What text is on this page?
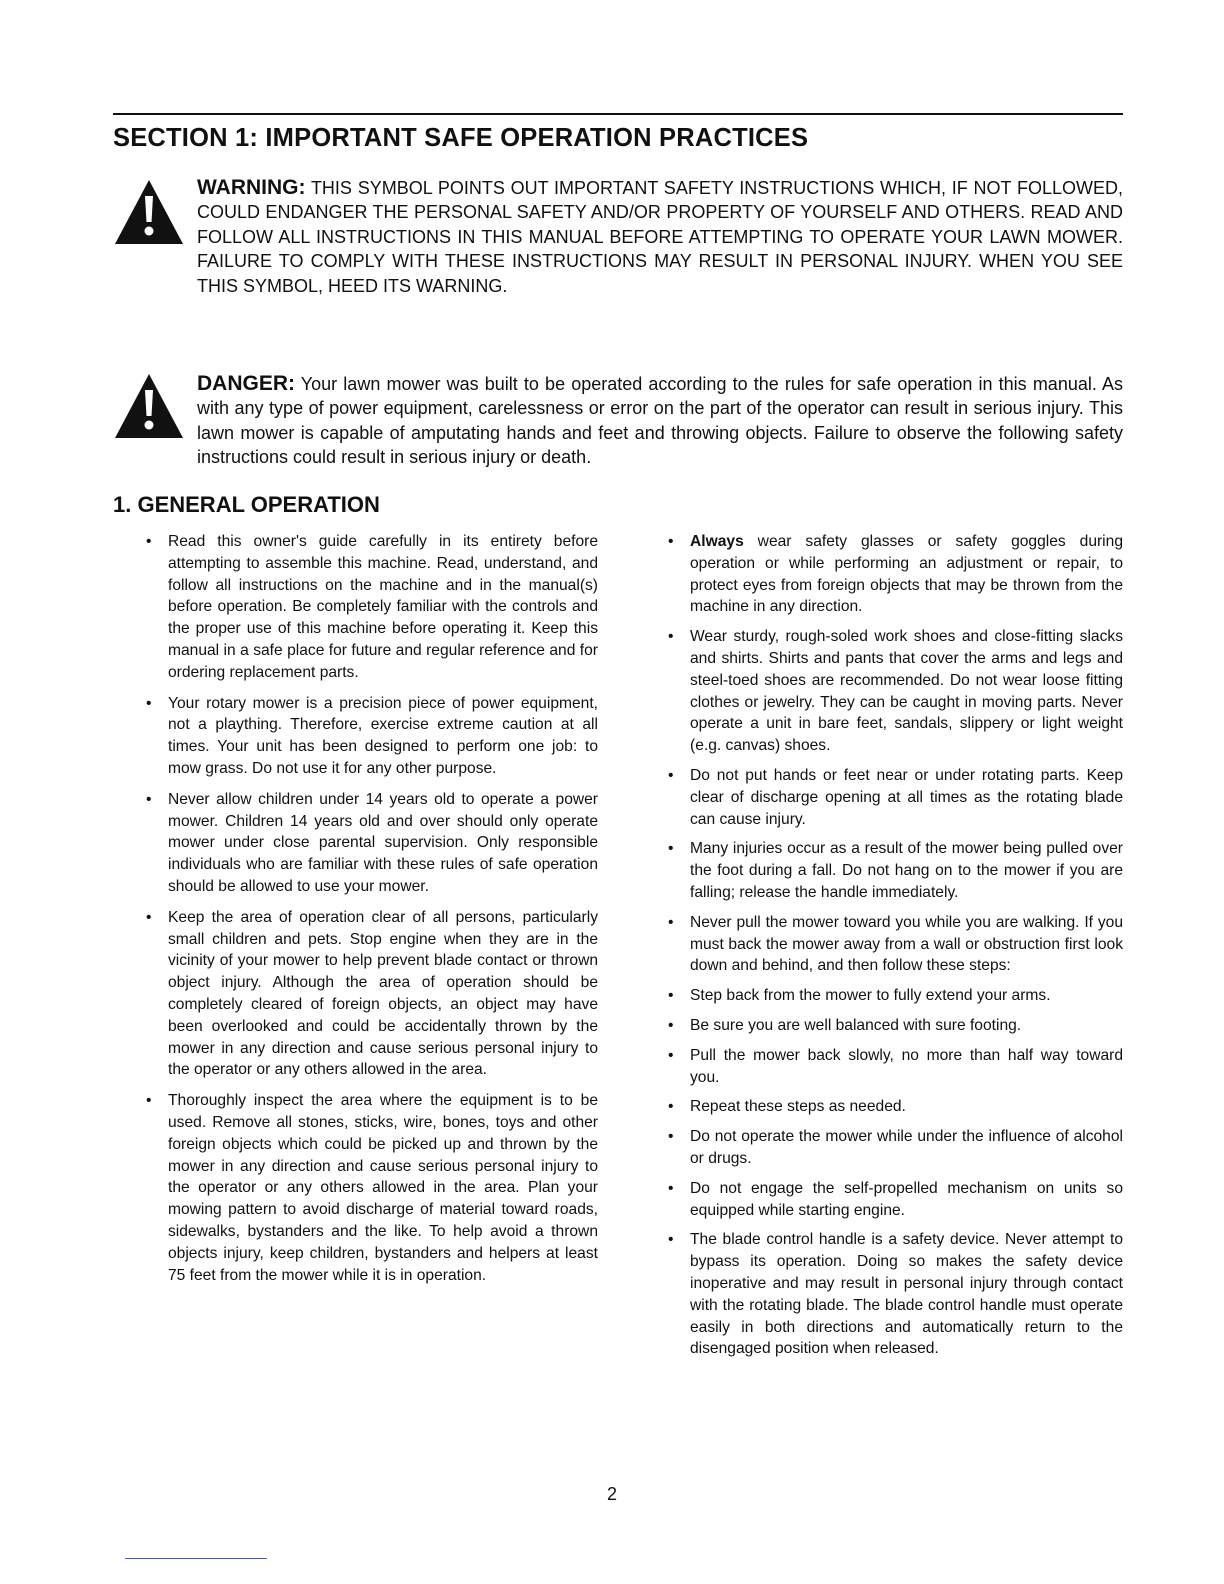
SECTION 1: IMPORTANT SAFE OPERATION PRACTICES
WARNING: THIS SYMBOL POINTS OUT IMPORTANT SAFETY INSTRUCTIONS WHICH, IF NOT FOLLOWED, COULD ENDANGER THE PERSONAL SAFETY AND/OR PROPERTY OF YOURSELF AND OTHERS. READ AND FOLLOW ALL INSTRUCTIONS IN THIS MANUAL BEFORE ATTEMPTING TO OPERATE YOUR LAWN MOWER. FAILURE TO COMPLY WITH THESE INSTRUCTIONS MAY RESULT IN PERSONAL INJURY. WHEN YOU SEE THIS SYMBOL, HEED ITS WARNING.
DANGER: Your lawn mower was built to be operated according to the rules for safe operation in this manual. As with any type of power equipment, carelessness or error on the part of the operator can result in serious injury. This lawn mower is capable of amputating hands and feet and throwing objects. Failure to observe the following safety instructions could result in serious injury or death.
1. GENERAL OPERATION
• Read this owner's guide carefully in its entirety before attempting to assemble this machine. Read, understand, and follow all instructions on the machine and in the manual(s) before operation. Be completely familiar with the controls and the proper use of this machine before operating it. Keep this manual in a safe place for future and regular reference and for ordering replacement parts.
• Your rotary mower is a precision piece of power equipment, not a plaything. Therefore, exercise extreme caution at all times. Your unit has been designed to perform one job: to mow grass. Do not use it for any other purpose.
• Never allow children under 14 years old to operate a power mower. Children 14 years old and over should only operate mower under close parental supervision. Only responsible individuals who are familiar with these rules of safe operation should be allowed to use your mower.
• Keep the area of operation clear of all persons, particularly small children and pets. Stop engine when they are in the vicinity of your mower to help prevent blade contact or thrown object injury. Although the area of operation should be completely cleared of foreign objects, an object may have been overlooked and could be accidentally thrown by the mower in any direction and cause serious personal injury to the operator or any others allowed in the area.
• Thoroughly inspect the area where the equipment is to be used. Remove all stones, sticks, wire, bones, toys and other foreign objects which could be picked up and thrown by the mower in any direction and cause serious personal injury to the operator or any others allowed in the area. Plan your mowing pattern to avoid discharge of material toward roads, sidewalks, bystanders and the like. To help avoid a thrown objects injury, keep children, bystanders and helpers at least 75 feet from the mower while it is in operation.
• Always wear safety glasses or safety goggles during operation or while performing an adjustment or repair, to protect eyes from foreign objects that may be thrown from the machine in any direction.
• Wear sturdy, rough-soled work shoes and close-fitting slacks and shirts. Shirts and pants that cover the arms and legs and steel-toed shoes are recommended. Do not wear loose fitting clothes or jewelry. They can be caught in moving parts. Never operate a unit in bare feet, sandals, slippery or light weight (e.g. canvas) shoes.
• Do not put hands or feet near or under rotating parts. Keep clear of discharge opening at all times as the rotating blade can cause injury.
• Many injuries occur as a result of the mower being pulled over the foot during a fall. Do not hang on to the mower if you are falling; release the handle immediately.
• Never pull the mower toward you while you are walking. If you must back the mower away from a wall or obstruction first look down and behind, and then follow these steps:
• Step back from the mower to fully extend your arms.
• Be sure you are well balanced with sure footing.
• Pull the mower back slowly, no more than half way toward you.
• Repeat these steps as needed.
• Do not operate the mower while under the influence of alcohol or drugs.
• Do not engage the self-propelled mechanism on units so equipped while starting engine.
• The blade control handle is a safety device. Never attempt to bypass its operation. Doing so makes the safety device inoperative and may result in personal injury through contact with the rotating blade. The blade control handle must operate easily in both directions and automatically return to the disengaged position when released.
2
